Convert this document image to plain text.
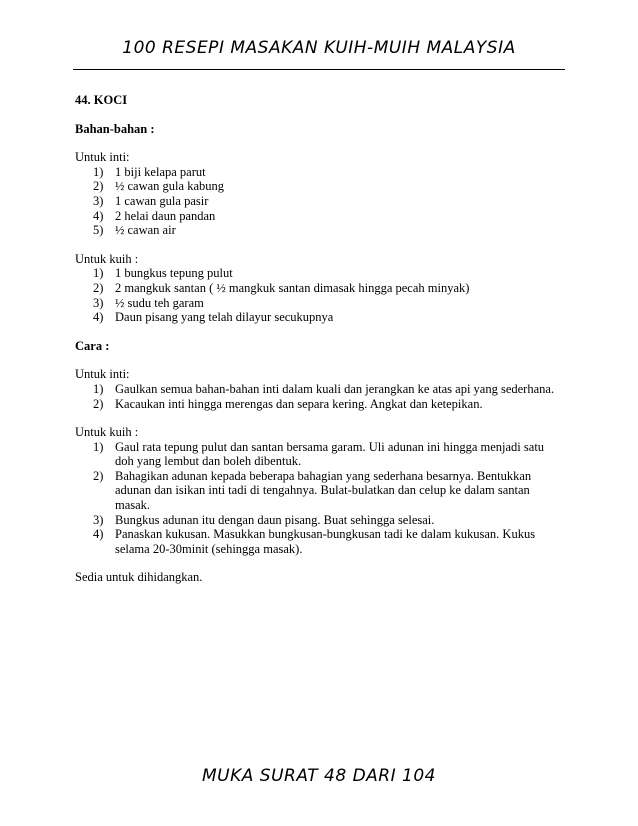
100 RESEPI MASAKAN KUIH-MUIH MALAYSIA

44. KOCI

Bahan-bahan :

Untuk inti:

1) 1 biji kelapa parut
2) ½ cawan gula kabung
3) 1 cawan gula pasir
4) 2 helai daun pandan
5) ½ cawan air

Untuk kuih :

1) 1 bungkus tepung pulut
2) 2 mangkuk santan ( ½ mangkuk santan dimasak hingga pecah minyak)
3) ½ sudu teh garam
4) Daun pisang yang telah dilayur secukupnya

Cara :

Untuk inti:

1) Gaulkan semua bahan-bahan inti dalam kuali dan jerangkan ke atas api yang sederhana.
2) Kacaukan inti hingga merengas dan separa kering. Angkat dan ketepikan.

Untuk kuih :

1) Gaul rata tepung pulut dan santan bersama garam. Uli adunan ini hingga menjadi satu doh yang lembut dan boleh dibentuk.
2) Bahagikan adunan kepada beberapa bahagian yang sederhana besarnya. Bentukkan adunan dan isikan inti tadi di tengahnya. Bulat-bulatkan dan celup ke dalam santan masak.
3) Bungkus adunan itu dengan daun pisang. Buat sehingga selesai.
4) Panaskan kukusan. Masukkan bungkusan-bungkusan tadi ke dalam kukusan. Kukus selama 20-30minit (sehingga masak).

Sedia untuk dihidangkan.

MUKA SURAT 48 DARI 104
